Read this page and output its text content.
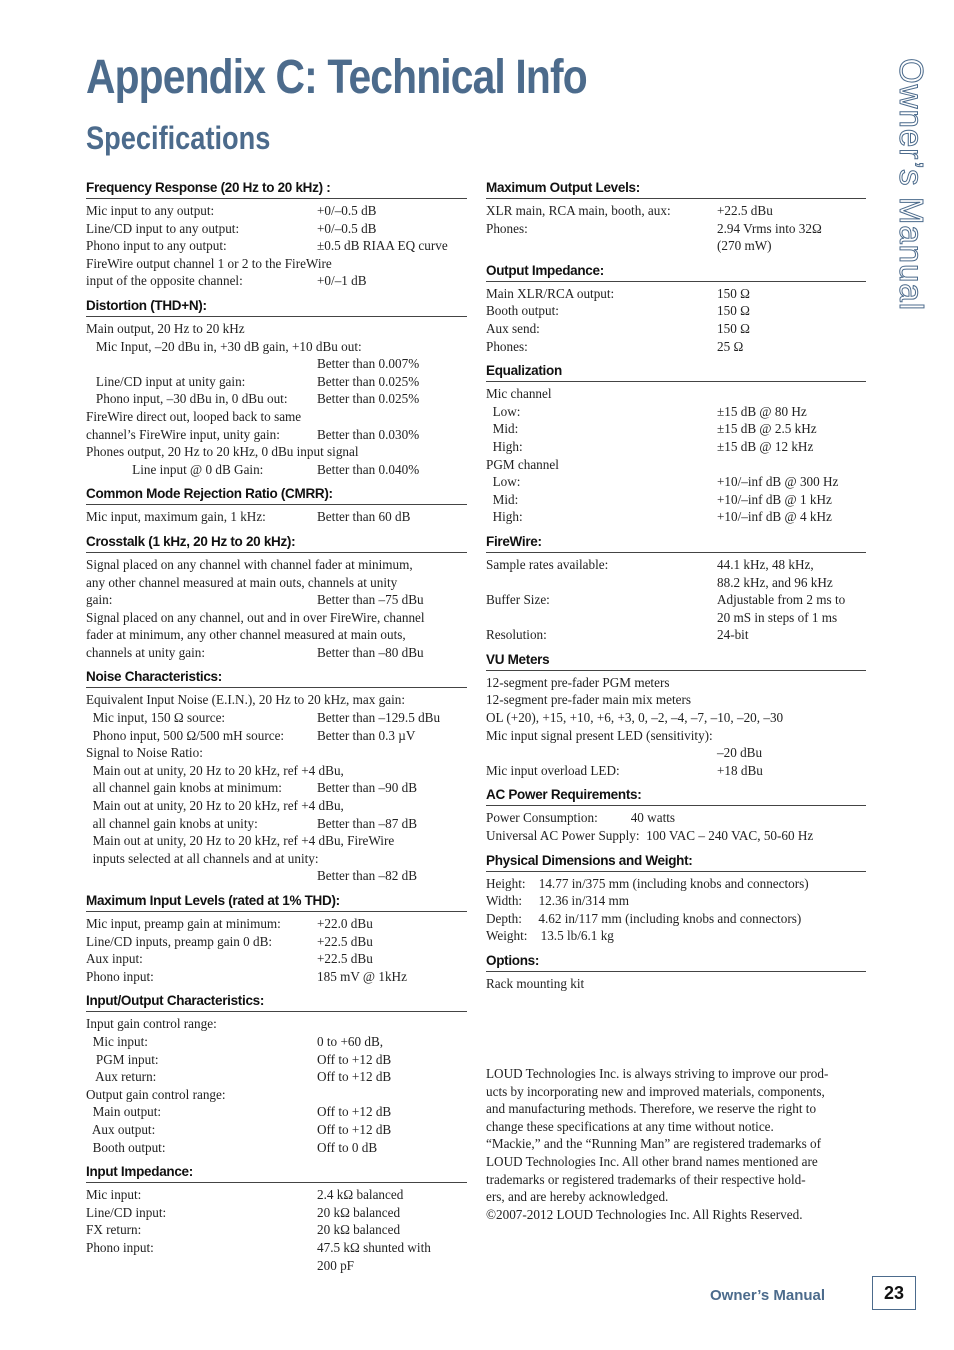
Appendix C: Technical Info
Specifications	Owner’s Manual
Frequency Response (20 Hz to 20 kHz) :
Mic input to any output:	+0/–0.5 dB
Line/CD input to any output:	+0/–0.5 dB
Phono input to any output:	±0.5 dB RIAA EQ curve
FireWire output channel 1 or 2 to the FireWire
input of the opposite channel:	+0/–1 dB
Distortion (THD+N):
Main output, 20 Hz to 20 kHz
Mic Input, –20 dBu in, +30 dB gain, +10 dBu out:
Better than 0.007%
Line/CD input at unity gain:	Better than 0.025%
Phono input, –30 dBu in, 0 dBu out:	Better than 0.025%
FireWire direct out, looped back to same
channel’s FireWire input, unity gain:	Better than 0.030%
Phones output, 20 Hz to 20 kHz, 0 dBu input signal
Line input @ 0 dB Gain:	Better than 0.040%
Common Mode Rejection Ratio (CMRR):
Mic input, maximum gain, 1 kHz:	Better than 60 dB
Crosstalk (1 kHz, 20 Hz to 20 kHz):
Signal placed on any channel with channel fader at minimum,
any other channel measured at main outs, channels at unity
gain:	Better than –75 dBu
Signal placed on any channel, out and in over FireWire, channel
fader at minimum, any other channel measured at main outs,
channels at unity gain:	Better than –80 dBu
Noise Characteristics:
Equivalent Input Noise (E.I.N.), 20 Hz to 20 kHz, max gain:
Mic input, 150 Ω source:	Better than –129.5 dBu
Phono input, 500 Ω/500 mH source:	Better than 0.3 µV
Signal to Noise Ratio:
Main out at unity, 20 Hz to 20 kHz, ref +4 dBu,
all channel gain knobs at minimum:	Better than –90 dB
Main out at unity, 20 Hz to 20 kHz, ref +4 dBu,
all channel gain knobs at unity:	Better than –87 dB
Main out at unity, 20 Hz to 20 kHz, ref +4 dBu, FireWire
inputs selected at all channels and at unity:
Better than –82 dB
Maximum Input Levels (rated at 1% THD):
Mic input, preamp gain at minimum:	+22.0 dBu
Line/CD inputs, preamp gain 0 dB:	+22.5 dBu
Aux input:	+22.5 dBu
Phono input:	185 mV @ 1kHz
Input/Output Characteristics:
Input gain control range:
Mic input:	0 to +60 dB,
PGM input:	Off to +12 dB
Aux return:	Off to +12 dB
Output gain control range:
Main output:	Off to +12 dB
Aux output:	Off to +12 dB
Booth output:	Off to 0 dB
Input Impedance:
Mic input:	2.4 kΩ balanced
Line/CD input:	20 kΩ balanced
FX return:	20 kΩ balanced
Phono input:	47.5 kΩ shunted with
200 pF
Maximum Output Levels:
XLR main, RCA main, booth, aux:	+22.5 dBu
Phones:	2.94 Vrms into 32Ω
(270 mW)
Output Impedance:
Main XLR/RCA output:	150 Ω
Booth output:	150 Ω
Aux send:	150 Ω
Phones:	25 Ω
Equalization
Mic channel
Low:	±15 dB @ 80 Hz
Mid:	±15 dB @ 2.5 kHz
High:	±15 dB @ 12 kHz
PGM channel
Low:	+10/–inf dB @ 300 Hz
Mid:	+10/–inf dB @ 1 kHz
High:	+10/–inf dB @ 4 kHz
FireWire:
Sample rates available:	44.1 kHz, 48 kHz,
88.2 kHz, and 96 kHz
Buffer Size:	Adjustable from 2 ms to
20 mS in steps of 1 ms
Resolution:	24-bit
VU Meters
12-segment pre-fader PGM meters
12-segment pre-fader main mix meters
OL (+20), +15, +10, +6, +3, 0, –2, –4, –7, –10, –20, –30
Mic input signal present LED (sensitivity):
–20 dBu
Mic input overload LED:	+18 dBu
AC Power Requirements:
Power Consumption:          40 watts
Universal AC Power Supply:  100 VAC – 240 VAC, 50-60 Hz
Physical Dimensions and Weight:
Height:    14.77 in/375 mm (including knobs and connectors)
Width:     12.36 in/314 mm
Depth:     4.62 in/117 mm (including knobs and connectors)
Weight:    13.5 lb/6.1 kg
Options:
Rack mounting kit

LOUD Technologies Inc. is always striving to improve our prod-

ucts by incorporating new and improved materials, components,

and manufacturing methods. Therefore, we reserve the right to

change these specifications at any time without notice.

“Mackie,” and the “Running Man” are registered trademarks of

LOUD Technologies Inc. All other brand names mentioned are

trademarks or registered trademarks of their respective hold-

ers, and are hereby acknowledged.

©2007-2012 LOUD Technologies Inc. All Rights Reserved.

Owner’s Manual	23
